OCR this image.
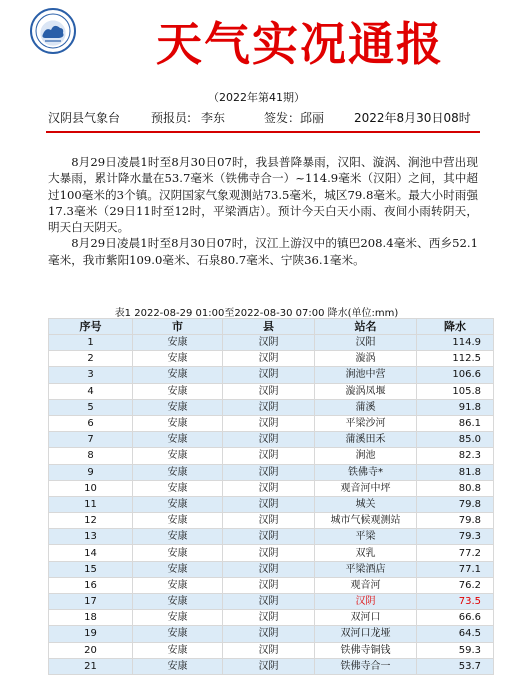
天气实况通报
（2022年第41期）
汉阴县气象台	预报员: 李东	签发： 邱丽 2022年8月30日08时

8月29日凌晨1时至8月30日07时，我县普降暴雨，汉阳、漩涡、涧池中营出现大暴雨，累计降水量在53.7毫米（铁佛寺合一）~114.9毫米（汉阳）之间，其中超过100毫米的3个镇。汉阴国家气象观测站73.5毫米，城区79.8毫米。最大小时雨强17.3毫米（29日11时至12时，平梁酒店）。预计今天白天小雨、夜间小雨转阴天，明天白天阴天。

8月29日凌晨1时至8月30日07时，汉江上游汉中的镇巴208.4毫米、西乡52.1毫米，我市紫阳109.0毫米、石泉80.7毫米、宁陕36.1毫米。

表1 2022-08-29 01:00至2022-08-30 07:00 降水(单位:mm)
序号	市	县	站名	降水
1	安康	汉阴	汉阳	114.9
2	安康	汉阴	漩涡	112.5
3	安康	汉阴	涧池中营	106.6
4	安康	汉阴	漩涡凤堰	105.8
5	安康	汉阴	蒲溪	91.8
6	安康	汉阴	平梁沙河	86.1
7	安康	汉阴	蒲溪田禾	85.0
8	安康	汉阴	涧池	82.3
9	安康	汉阴	铁佛寺*	81.8
10	安康	汉阴	观音河中坪	80.8
11	安康	汉阴	城关	79.8
12	安康	汉阴	城市气候观测站	79.8
13	安康	汉阴	平梁	79.3
14	安康	汉阴	双乳	77.2
15	安康	汉阴	平梁酒店	77.1
16	安康	汉阴	观音河	76.2
17	安康	汉阴	汉阴	73.5
18	安康	汉阴	双河口	66.6
19	安康	汉阴	双河口龙垭	64.5
20	安康	汉阴	铁佛寺铜钱	59.3
21	安康	汉阴	铁佛寺合一	53.7
